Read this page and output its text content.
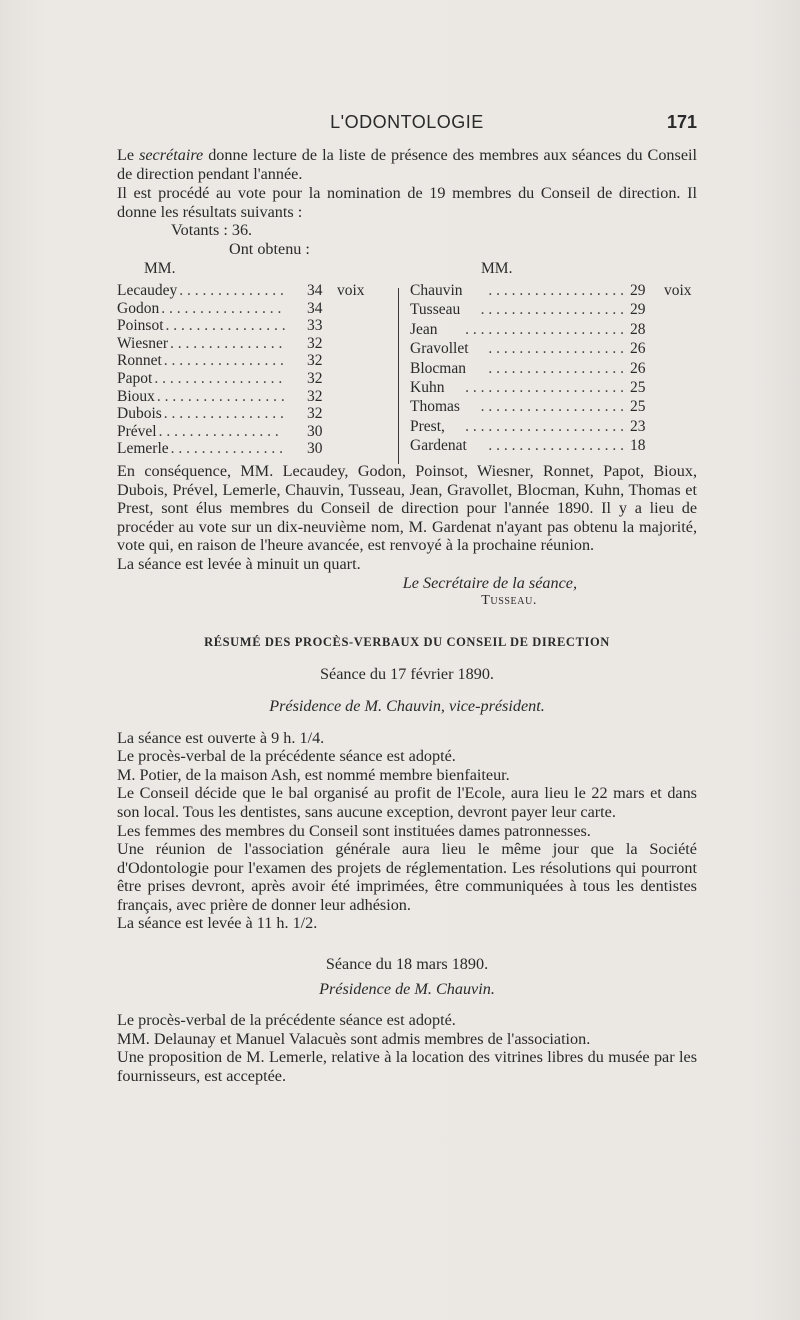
L'ODONTOLOGIE	171

Le secrétaire donne lecture de la liste de présence des membres aux séances du Conseil de direction pendant l'année.

Il est procédé au vote pour la nomination de 19 membres du Conseil de direction. Il donne les résultats suivants :

Votants : 36.

Ont obtenu :

MM.	MM.
Lecaudey	34 voix
. . . . . . . . . . . . . .
Godon	34
. . . . . . . . . . . . . . . .
Poinsot	33
. . . . . . . . . . . . . . . .
Wiesner	32
. . . . . . . . . . . . . . .
Ronnet	32
. . . . . . . . . . . . . . . .
Papot	32
. . . . . . . . . . . . . . . . .
Bioux	32
. . . . . . . . . . . . . . . . .
Dubois	32
. . . . . . . . . . . . . . . .
Prével	30
. . . . . . . . . . . . . . . .
Lemerle	30
. . . . . . . . . . . . . . .
Chauvin	29 voix
. . . . . . . . . . . . . . . . . .
Tusseau	29
. . . . . . . . . . . . . . . . . . .
Jean	28
. . . . . . . . . . . . . . . . . . . . .
Gravollet	26
. . . . . . . . . . . . . . . . . .
Blocman	26
. . . . . . . . . . . . . . . . . .
Kuhn	25
. . . . . . . . . . . . . . . . . . . . .
Thomas	25
. . . . . . . . . . . . . . . . . . .
Prest,	23
. . . . . . . . . . . . . . . . . . . . .
Gardenat	18
. . . . . . . . . . . . . . . . . .

En conséquence, MM. Lecaudey, Godon, Poinsot, Wiesner, Ronnet, Papot, Bioux, Dubois, Prével, Lemerle, Chauvin, Tusseau, Jean, Gravollet, Blocman, Kuhn, Thomas et Prest, sont élus membres du Conseil de direction pour l'année 1890. Il y a lieu de procéder au vote sur un dix-neuvième nom, M. Gardenat n'ayant pas obtenu la majorité, vote qui, en raison de l'heure avancée, est renvoyé à la prochaine réunion.

La séance est levée à minuit un quart.

Le Secrétaire de la séance,

Tusseau.

RÉSUMÉ DES PROCÈS-VERBAUX DU CONSEIL DE DIRECTION

Séance du 17 février 1890.

Présidence de M. Chauvin, vice-président.

La séance est ouverte à 9 h. 1/4.

Le procès-verbal de la précédente séance est adopté.

M. Potier, de la maison Ash, est nommé membre bienfaiteur.

Le Conseil décide que le bal organisé au profit de l'Ecole, aura lieu le 22 mars et dans son local. Tous les dentistes, sans aucune exception, devront payer leur carte.

Les femmes des membres du Conseil sont instituées dames patronnesses.

Une réunion de l'association générale aura lieu le même jour que la Société d'Odontologie pour l'examen des projets de réglementation. Les résolutions qui pourront être prises devront, après avoir été imprimées, être communiquées à tous les dentistes français, avec prière de donner leur adhésion.

La séance est levée à 11 h. 1/2.

Séance du 18 mars 1890.

Présidence de M. Chauvin.

Le procès-verbal de la précédente séance est adopté.

MM. Delaunay et Manuel Valacuès sont admis membres de l'association.

Une proposition de M. Lemerle, relative à la location des vitrines libres du musée par les fournisseurs, est acceptée.
